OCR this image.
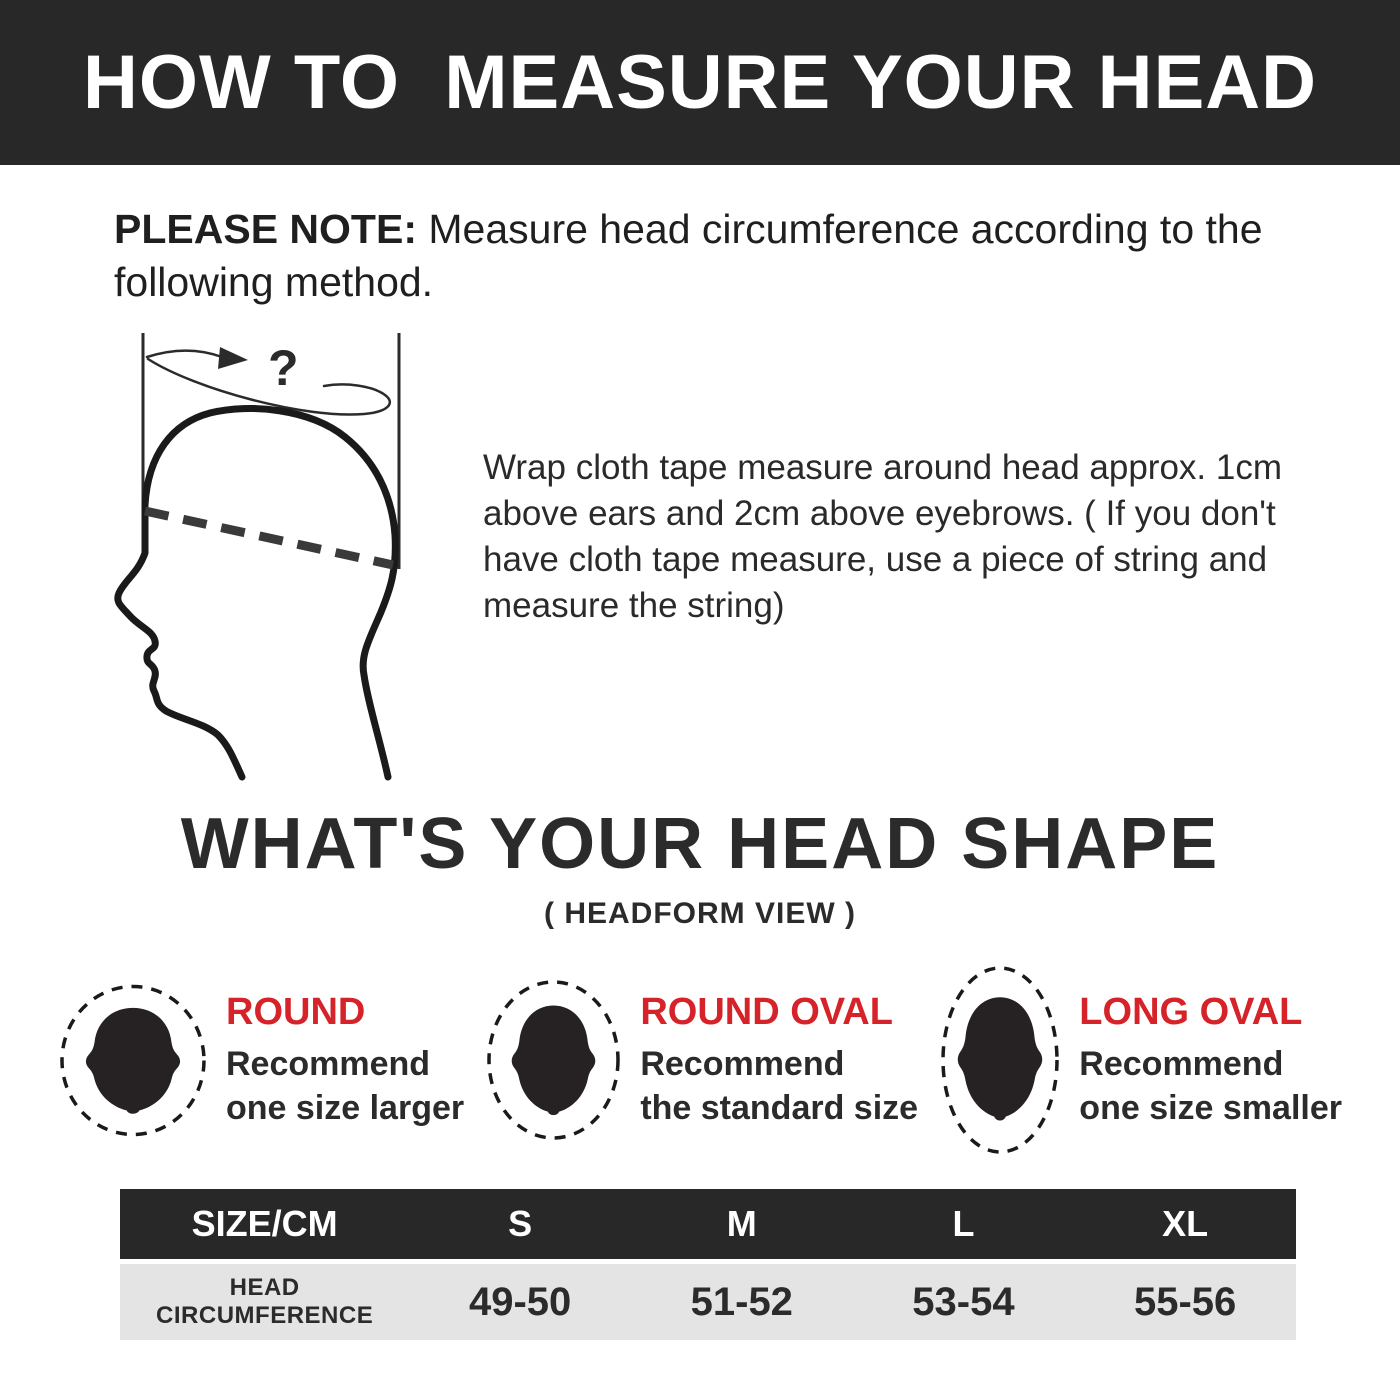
HOW TO  MEASURE YOUR HEAD

PLEASE NOTE: Measure head circumference according to the following method.

?

Wrap cloth tape measure around head approx. 1cm above ears and 2cm above eyebrows. ( If you don't have cloth tape measure, use a piece of string and measure the string)

WHAT'S YOUR HEAD SHAPE
( HEADFORM VIEW )
ROUND
Recommend
one size larger
ROUND OVAL
Recommend
the standard size
LONG OVAL
Recommend
one size smaller
SIZE/CM	S	M	L	XL
HEAD CIRCUMFERENCE	49-50	51-52	53-54	55-56
